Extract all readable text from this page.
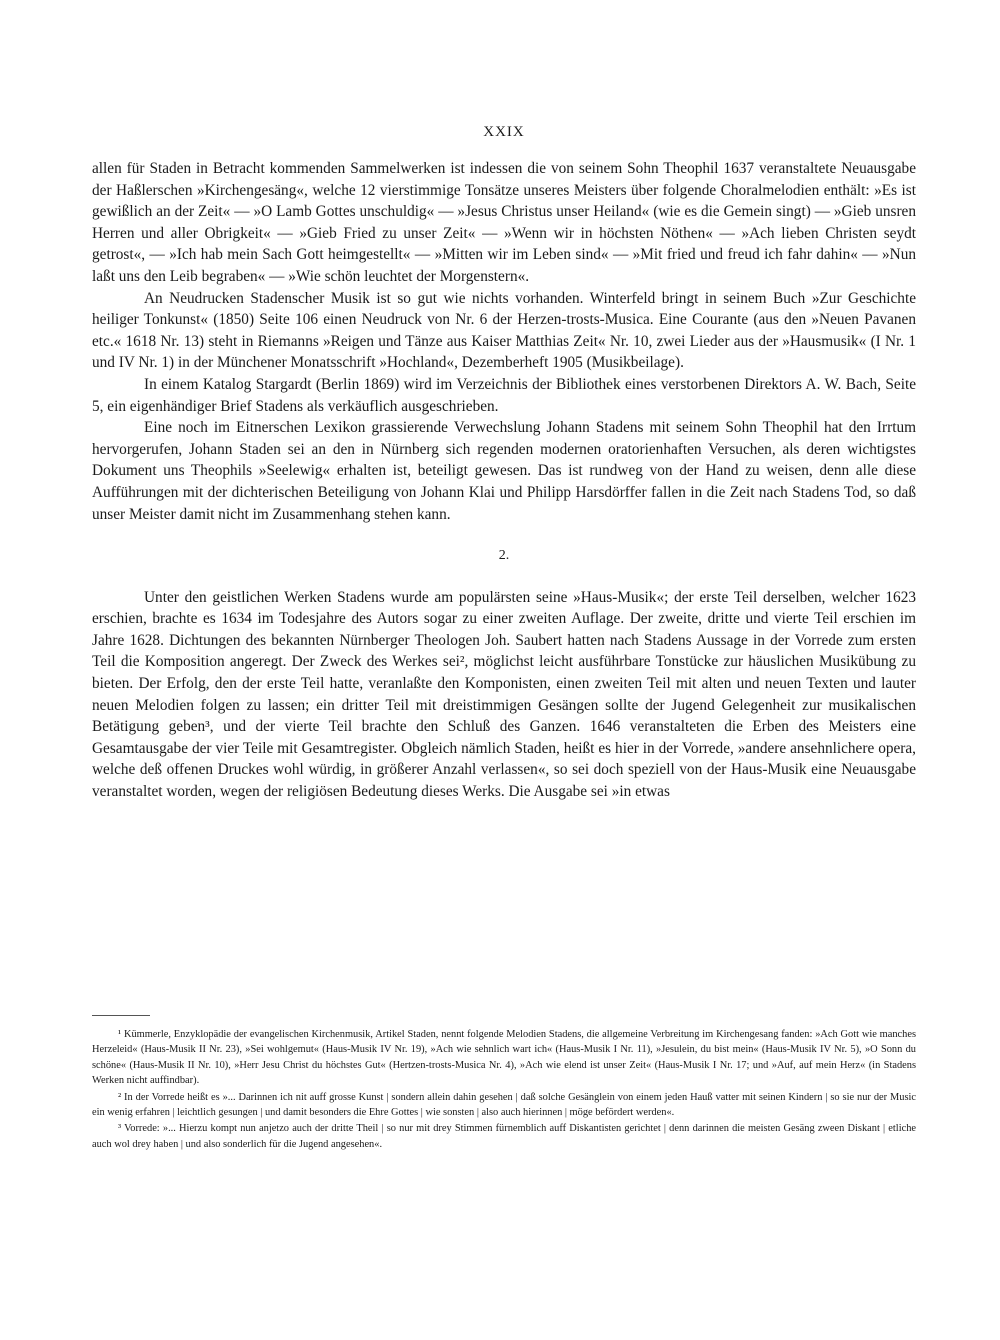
XXIX

allen für Staden in Betracht kommenden Sammelwerken ist indessen die von seinem Sohn Theophil 1637 veranstaltete Neuausgabe der Haßlerschen »Kirchengesäng«, welche 12 vierstimmige Tonsätze unseres Meisters über folgende Choralmelodien enthält: »Es ist gewißlich an der Zeit« — »O Lamb Gottes unschuldig« — »Jesus Christus unser Heiland« (wie es die Gemein singt) — »Gieb unsren Herren und aller Obrigkeit« — »Gieb Fried zu unser Zeit« — »Wenn wir in höchsten Nöthen« — »Ach lieben Christen seydt getrost«, — »Ich hab mein Sach Gott heimgestellt« — »Mitten wir im Leben sind« — »Mit fried und freud ich fahr dahin« — »Nun laßt uns den Leib begraben« — »Wie schön leuchtet der Morgenstern«.

An Neudrucken Stadenscher Musik ist so gut wie nichts vorhanden. Winterfeld bringt in seinem Buch »Zur Geschichte heiliger Tonkunst« (1850) Seite 106 einen Neudruck von Nr. 6 der Herzen-trosts-Musica. Eine Courante (aus den »Neuen Pavanen etc.« 1618 Nr. 13) steht in Riemanns »Reigen und Tänze aus Kaiser Matthias Zeit« Nr. 10, zwei Lieder aus der »Hausmusik« (I Nr. 1 und IV Nr. 1) in der Münchener Monatsschrift »Hochland«, Dezemberheft 1905 (Musikbeilage).

In einem Katalog Stargardt (Berlin 1869) wird im Verzeichnis der Bibliothek eines verstorbenen Direktors A. W. Bach, Seite 5, ein eigenhändiger Brief Stadens als verkäuflich ausgeschrieben.

Eine noch im Eitnerschen Lexikon grassierende Verwechslung Johann Stadens mit seinem Sohn Theophil hat den Irrtum hervorgerufen, Johann Staden sei an den in Nürnberg sich regenden modernen oratorienhaften Versuchen, als deren wichtigstes Dokument uns Theophils »Seelewig« erhalten ist, beteiligt gewesen. Das ist rundweg von der Hand zu weisen, denn alle diese Aufführungen mit der dichterischen Beteiligung von Johann Klai und Philipp Harsdörffer fallen in die Zeit nach Stadens Tod, so daß unser Meister damit nicht im Zusammenhang stehen kann.

2.

Unter den geistlichen Werken Stadens wurde am populärsten seine »Haus-Musik«; der erste Teil derselben, welcher 1623 erschien, brachte es 1634 im Todesjahre des Autors sogar zu einer zweiten Auflage. Der zweite, dritte und vierte Teil erschien im Jahre 1628. Dichtungen des bekannten Nürnberger Theologen Joh. Saubert hatten nach Stadens Aussage in der Vorrede zum ersten Teil die Komposition angeregt. Der Zweck des Werkes sei², möglichst leicht ausführbare Tonstücke zur häuslichen Musikübung zu bieten. Der Erfolg, den der erste Teil hatte, veranlaßte den Komponisten, einen zweiten Teil mit alten und neuen Texten und lauter neuen Melodien folgen zu lassen; ein dritter Teil mit dreistimmigen Gesängen sollte der Jugend Gelegenheit zur musikalischen Betätigung geben³, und der vierte Teil brachte den Schluß des Ganzen. 1646 veranstalteten die Erben des Meisters eine Gesamtausgabe der vier Teile mit Gesamtregister. Obgleich nämlich Staden, heißt es hier in der Vorrede, »andere ansehnlichere opera, welche deß offenen Druckes wohl würdig, in größerer Anzahl verlassen«, so sei doch speziell von der Haus-Musik eine Neuausgabe veranstaltet worden, wegen der religiösen Bedeutung dieses Werks. Die Ausgabe sei »in etwas

¹ Kümmerle, Enzyklopädie der evangelischen Kirchenmusik, Artikel Staden, nennt folgende Melodien Stadens, die allgemeine Verbreitung im Kirchengesang fanden: »Ach Gott wie manches Herzeleid« (Haus-Musik II Nr. 23), »Sei wohlgemut« (Haus-Musik IV Nr. 19), »Ach wie sehnlich wart ich« (Haus-Musik I Nr. 11), »Jesulein, du bist mein« (Haus-Musik IV Nr. 5), »O Sonn du schöne« (Haus-Musik II Nr. 10), »Herr Jesu Christ du höchstes Gut« (Hertzen-trosts-Musica Nr. 4), »Ach wie elend ist unser Zeit« (Haus-Musik I Nr. 17; und »Auf, auf mein Herz« (in Stadens Werken nicht auffindbar).

² In der Vorrede heißt es »... Darinnen ich nit auff grosse Kunst | sondern allein dahin gesehen | daß solche Gesänglein von einem jeden Hauß vatter mit seinen Kindern | so sie nur der Music ein wenig erfahren | leichtlich gesungen | und damit besonders die Ehre Gottes | wie sonsten | also auch hierinnen | möge befördert werden«.

³ Vorrede: »... Hierzu kompt nun anjetzo auch der dritte Theil | so nur mit drey Stimmen fürnemblich auff Diskantisten gerichtet | denn darinnen die meisten Gesäng zween Diskant | etliche auch wol drey haben | und also sonderlich für die Jugend angesehen«.
